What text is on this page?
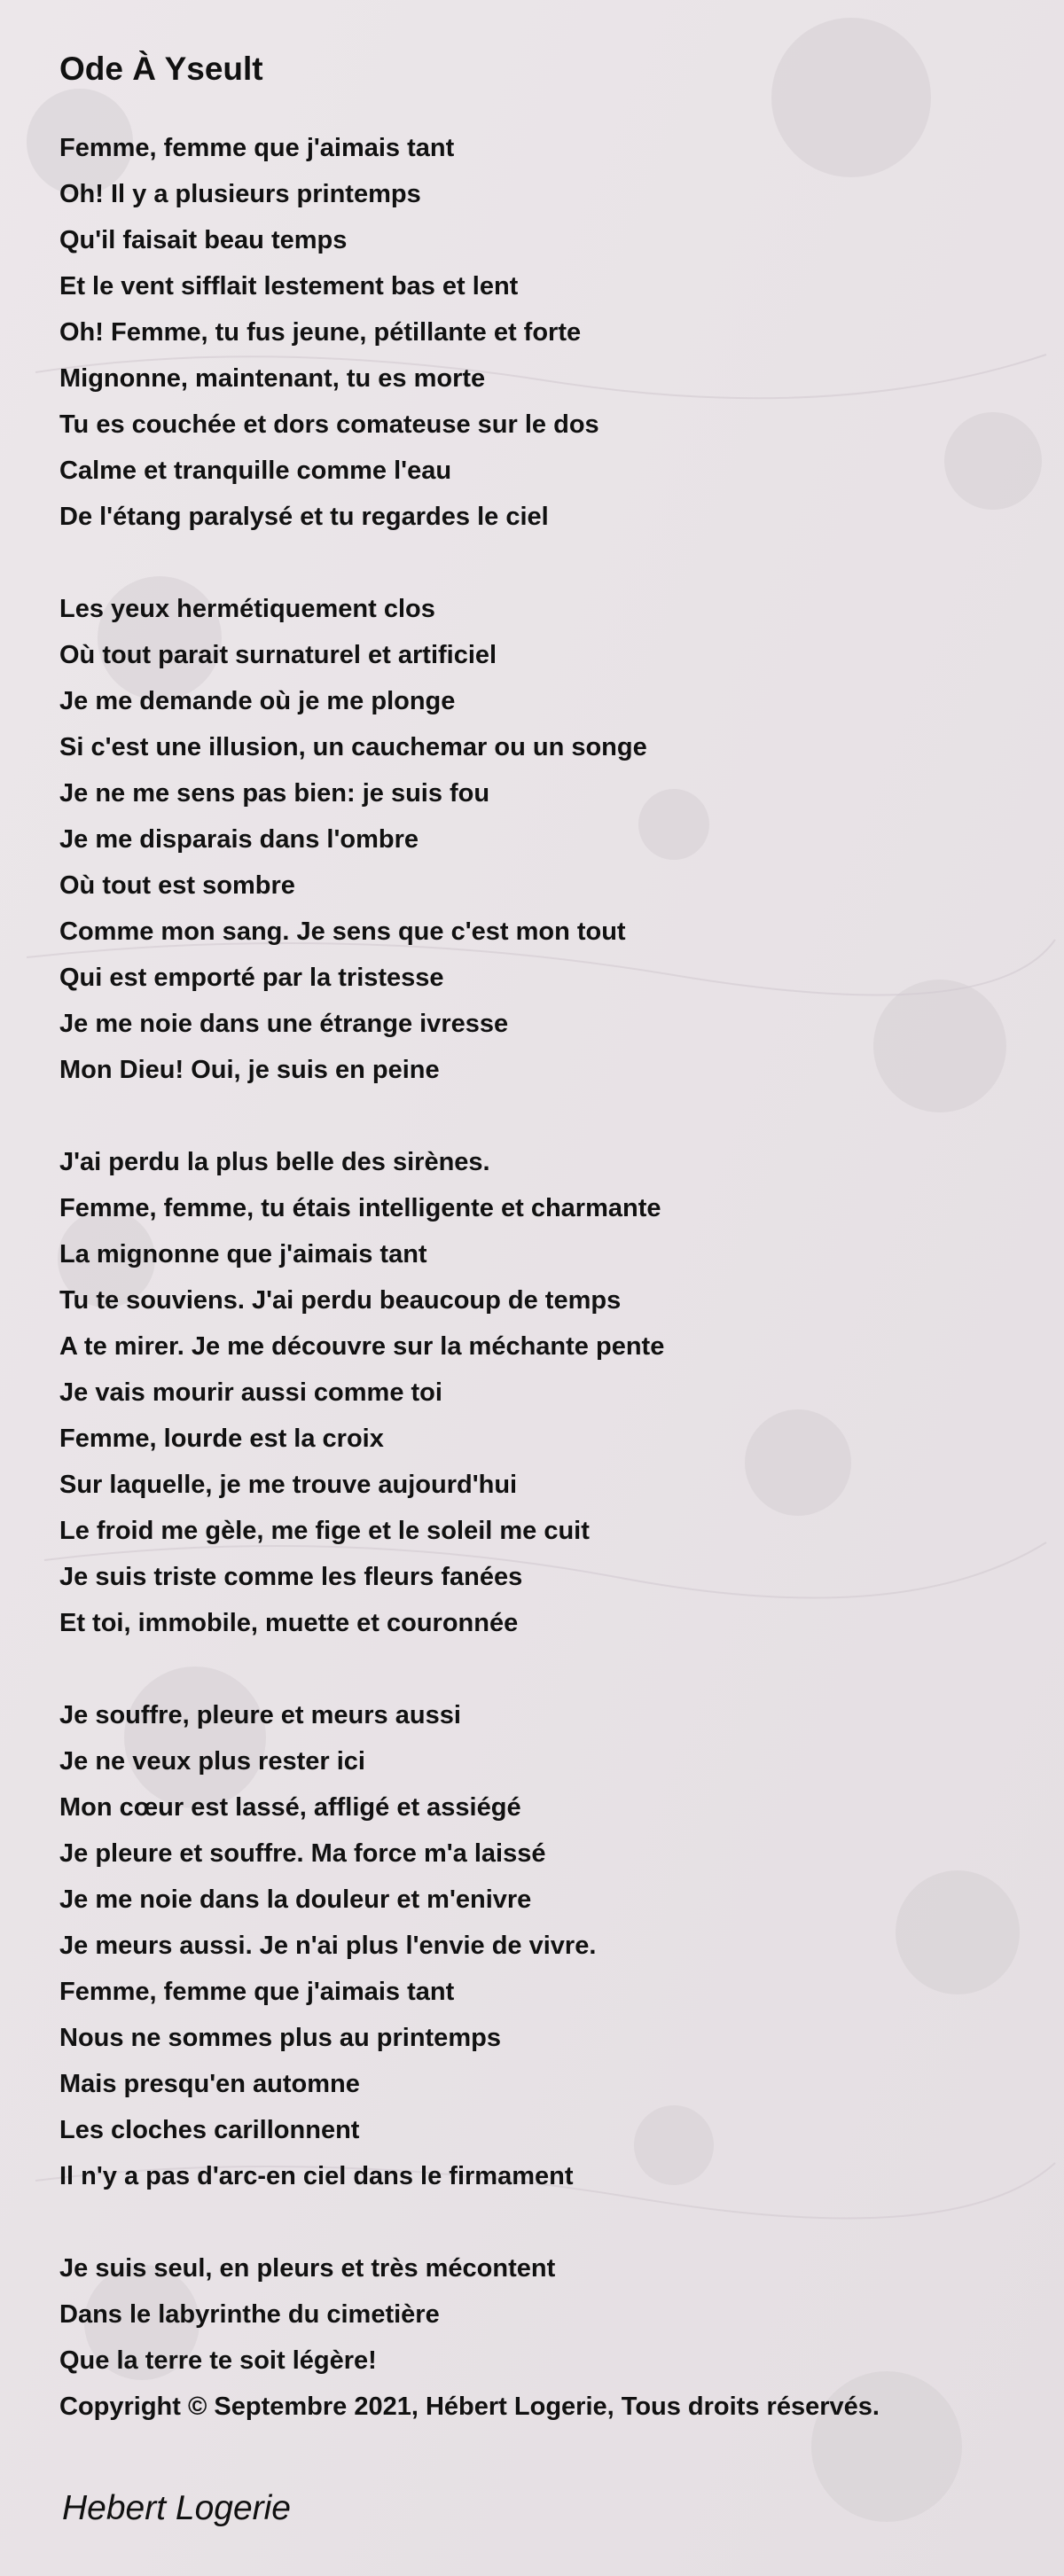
Ode À Yseult
Femme, femme que j'aimais tant
Oh! Il y a plusieurs printemps
Qu'il faisait beau temps
Et le vent sifflait lestement bas et lent
Oh! Femme, tu fus jeune, pétillante et forte
Mignonne, maintenant, tu es morte
Tu es couchée et dors comateuse sur le dos
Calme et tranquille comme l'eau
De l'étang paralysé et tu regardes le ciel
Les yeux hermétiquement clos
Où tout parait surnaturel et artificiel
Je me demande où je me plonge
Si c'est une illusion, un cauchemar ou un songe
Je ne me sens pas bien: je suis fou
Je me disparais dans l'ombre
Où tout est sombre
Comme mon sang. Je sens que c'est mon tout
Qui est emporté par la tristesse
Je me noie dans une étrange ivresse
Mon Dieu! Oui, je suis en peine
J'ai perdu la plus belle des sirènes.
Femme, femme, tu étais intelligente et charmante
La mignonne que j'aimais tant
Tu te souviens. J'ai perdu beaucoup de temps
A te mirer. Je me découvre sur la méchante pente
Je vais mourir aussi comme toi
Femme, lourde est la croix
Sur laquelle, je me trouve aujourd'hui
Le froid me gèle, me fige et le soleil me cuit
Je suis triste comme les fleurs fanées
Et toi, immobile, muette et couronnée
Je souffre, pleure et meurs aussi
Je ne veux plus rester ici
Mon cœur est lassé, affligé et assiégé
Je pleure et souffre. Ma force m'a laissé
Je me noie dans la douleur et m'enivre
Je meurs aussi. Je n'ai plus l'envie de vivre.
Femme, femme que j'aimais tant
Nous ne sommes plus au printemps
Mais presqu'en automne
Les cloches carillonnent
Il n'y a pas d'arc-en ciel dans le firmament
Je suis seul, en pleurs et très mécontent
Dans le labyrinthe du cimetière
Que la terre te soit légère!
Copyright © Septembre 2021, Hébert Logerie, Tous droits réservés.
Hebert Logerie
